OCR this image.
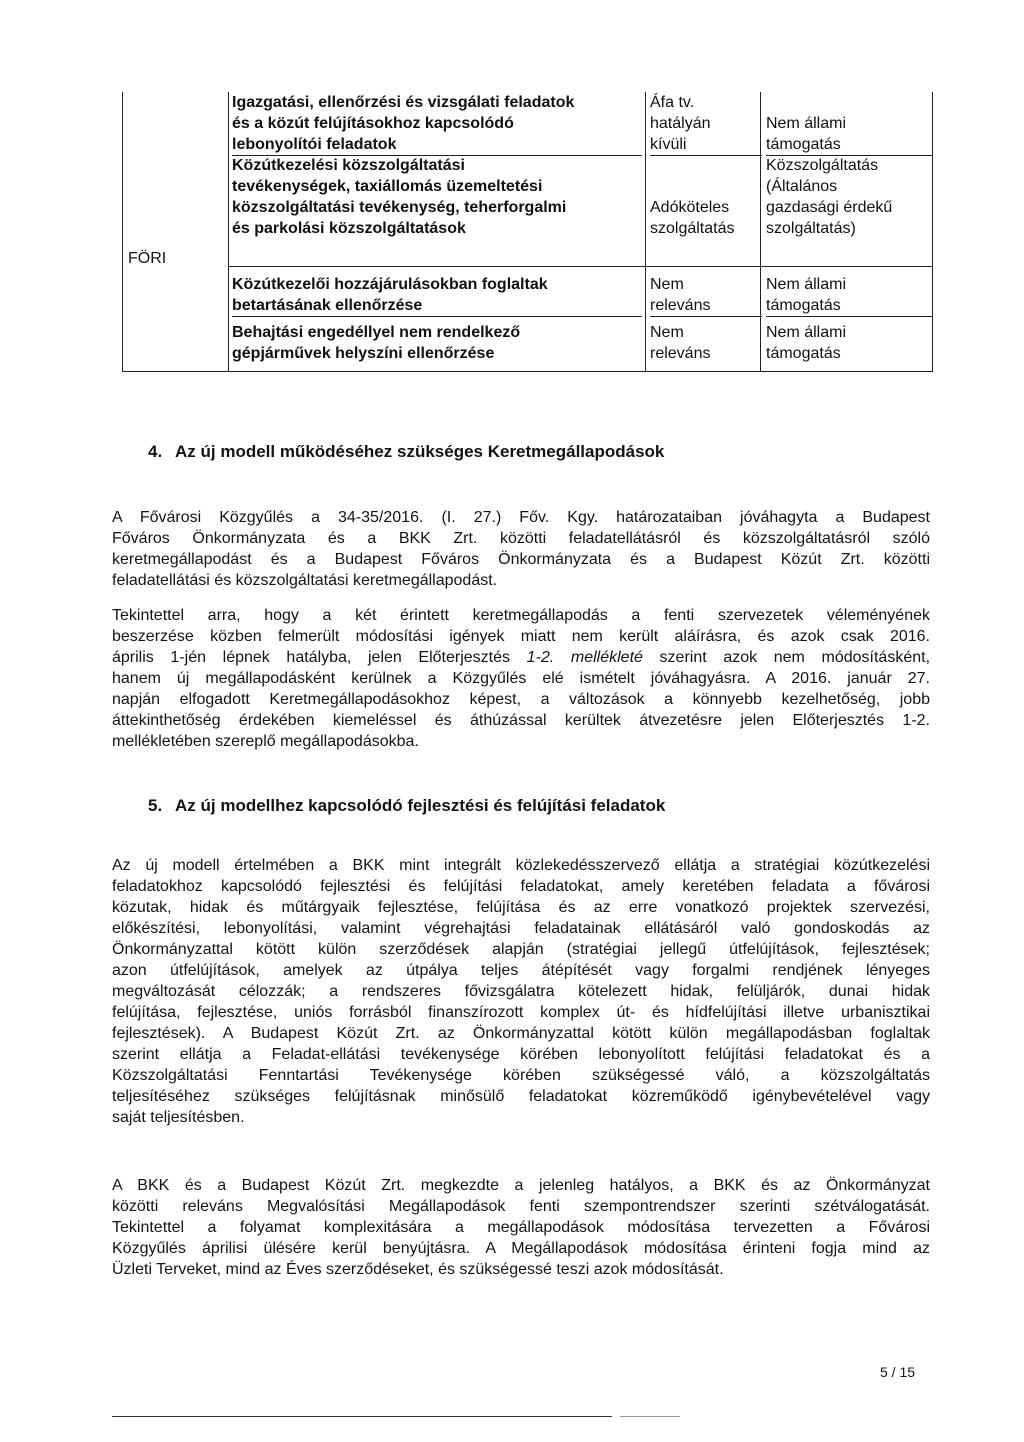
FÖRI
Igazgatási, ellenőrzési és vizsgálati feladatok
és a közút felújításokhoz kapcsolódó
lebonyolítói feladatok
Áfa tv.
hatályán
kívüli
Nem állami
támogatás
Közútkezelési közszolgáltatási
tevékenységek, taxiállomás üzemeltetési
közszolgáltatási tevékenység, teherforgalmi
és parkolási közszolgáltatások
Adóköteles
szolgáltatás
Közszolgáltatás
(Általános
gazdasági érdekű
szolgáltatás)
Közútkezelői hozzájárulásokban foglaltak
betartásának ellenőrzése
Nem
releváns
Nem állami
támogatás
Behajtási engedéllyel nem rendelkező
gépjárművek helyszíni ellenőrzése
Nem
releváns
Nem állami
támogatás
4. Az új modell működéséhez szükséges Keretmegállapodások
A Fővárosi Közgyűlés a 34-35/2016. (I. 27.) Főv. Kgy. határozataiban jóváhagyta a Budapest
Főváros Önkormányzata és a BKK Zrt. közötti feladatellátásról és közszolgáltatásról szóló
keretmegállapodást és a Budapest Főváros Önkormányzata és a Budapest Közút Zrt. közötti
feladatellátási és közszolgáltatási keretmegállapodást.
Tekintettel arra, hogy a két érintett keretmegállapodás a fenti szervezetek véleményének
beszerzése közben felmerült módosítási igények miatt nem került aláírásra, és azok csak 2016.
április 1-jén lépnek hatályba, jelen Előterjesztés 1-2. mellékleté szerint azok nem módosításként,
hanem új megállapodásként kerülnek a Közgyűlés elé ismételt jóváhagyásra. A 2016. január 27.
napján elfogadott Keretmegállapodásokhoz képest, a változások a könnyebb kezelhetőség, jobb
áttekinthetőség érdekében kiemeléssel és áthúzással kerültek átvezetésre jelen Előterjesztés 1-2.
mellékletében szereplő megállapodásokba.
5. Az új modellhez kapcsolódó fejlesztési és felújítási feladatok
Az új modell értelmében a BKK mint integrált közlekedésszervező ellátja a stratégiai közútkezelési
feladatokhoz kapcsolódó fejlesztési és felújítási feladatokat, amely keretében feladata a fővárosi
közutak, hidak és műtárgyaik fejlesztése, felújítása és az erre vonatkozó projektek szervezési,
előkészítési, lebonyolítási, valamint végrehajtási feladatainak ellátásáról való gondoskodás az
Önkormányzattal kötött külön szerződések alapján (stratégiai jellegű útfelújítások, fejlesztések;
azon útfelújítások, amelyek az útpálya teljes átépítését vagy forgalmi rendjének lényeges
megváltozását célozzák; a rendszeres fővizsgálatra kötelezett hidak, felüljárók, dunai hidak
felújítása, fejlesztése, uniós forrásból finanszírozott komplex út- és hídfelújítási illetve urbanisztikai
fejlesztések). A Budapest Közút Zrt. az Önkormányzattal kötött külön megállapodásban foglaltak
szerint ellátja a Feladat-ellátási tevékenysége körében lebonyolított felújítási feladatokat és a
Közszolgáltatási Fenntartási Tevékenysége körében szükségessé váló, a közszolgáltatás
teljesítéséhez szükséges felújításnak minősülő feladatokat közreműködő igénybevételével vagy
saját teljesítésben.
A BKK és a Budapest Közút Zrt. megkezdte a jelenleg hatályos, a BKK és az Önkormányzat
közötti releváns Megvalósítási Megállapodások fenti szempontrendszer szerinti szétválogatását.
Tekintettel a folyamat komplexitására a megállapodások módosítása tervezetten a Fővárosi
Közgyűlés áprilisi ülésére kerül benyújtásra. A Megállapodások módosítása érinteni fogja mind az
Üzleti Terveket, mind az Éves szerződéseket, és szükségessé teszi azok módosítását.
5 / 15
